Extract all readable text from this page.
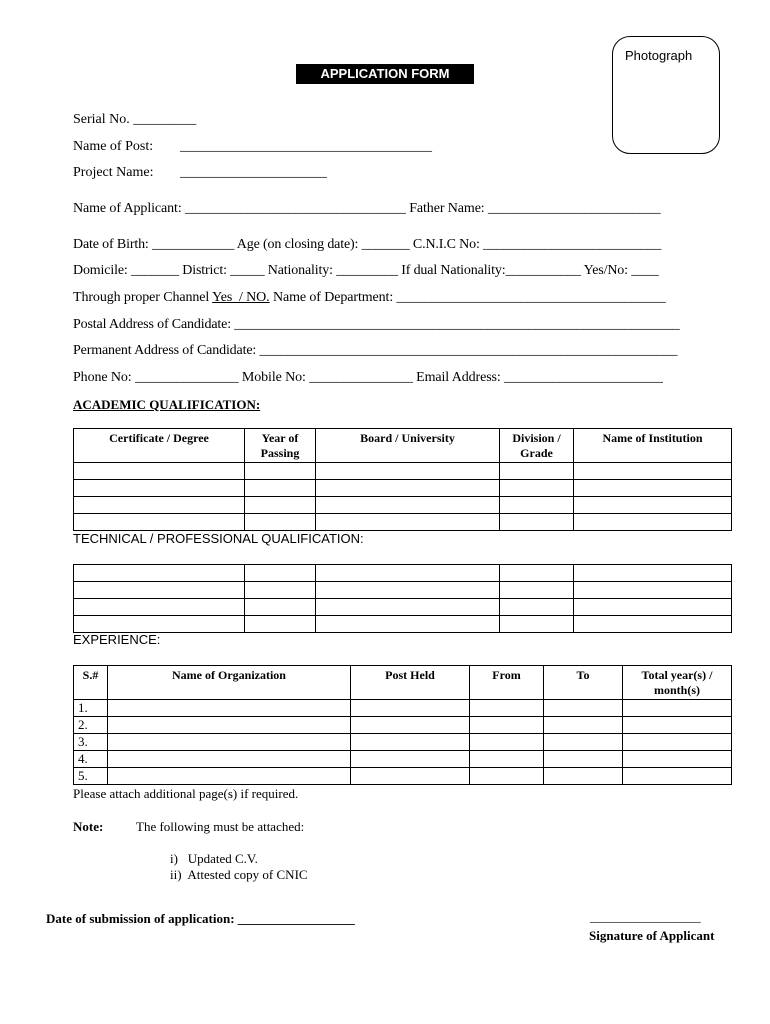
APPLICATION FORM
Photograph
Serial No. _________
Name of Post: ____________________________________
Project Name: _____________________
Name of Applicant: ________________________________ Father Name: _________________________
Date of Birth: ____________ Age (on closing date): _______ C.N.I.C No: __________________________
Domicile: _______ District: _____ Nationality: _________ If dual Nationality:___________ Yes/No: ____
Through proper Channel Yes  / NO. Name of Department: _______________________________________
Postal Address of Candidate: _________________________________________________________________
Permanent Address of Candidate: _____________________________________________________________
Phone No: _______________ Mobile No: _______________ Email Address: _______________________
ACADEMIC QUALIFICATION:
Certificate / Degree	Year of Passing	Board / University	Division / Grade	Name of Institution

TECHNICAL / PROFESSIONAL QUALIFICATION:

EXPERIENCE:
S.#	Name of Organization	Post Held	From	To	Total year(s) / month(s)
1.					
2.					
3.					
4.					
5.					
Please attach additional page(s) if required.
Note:	The following must be attached:
i)   Updated C.V.
ii)  Attested copy of CNIC
Date of submission of application: __________________	_________________
Signature of Applicant
